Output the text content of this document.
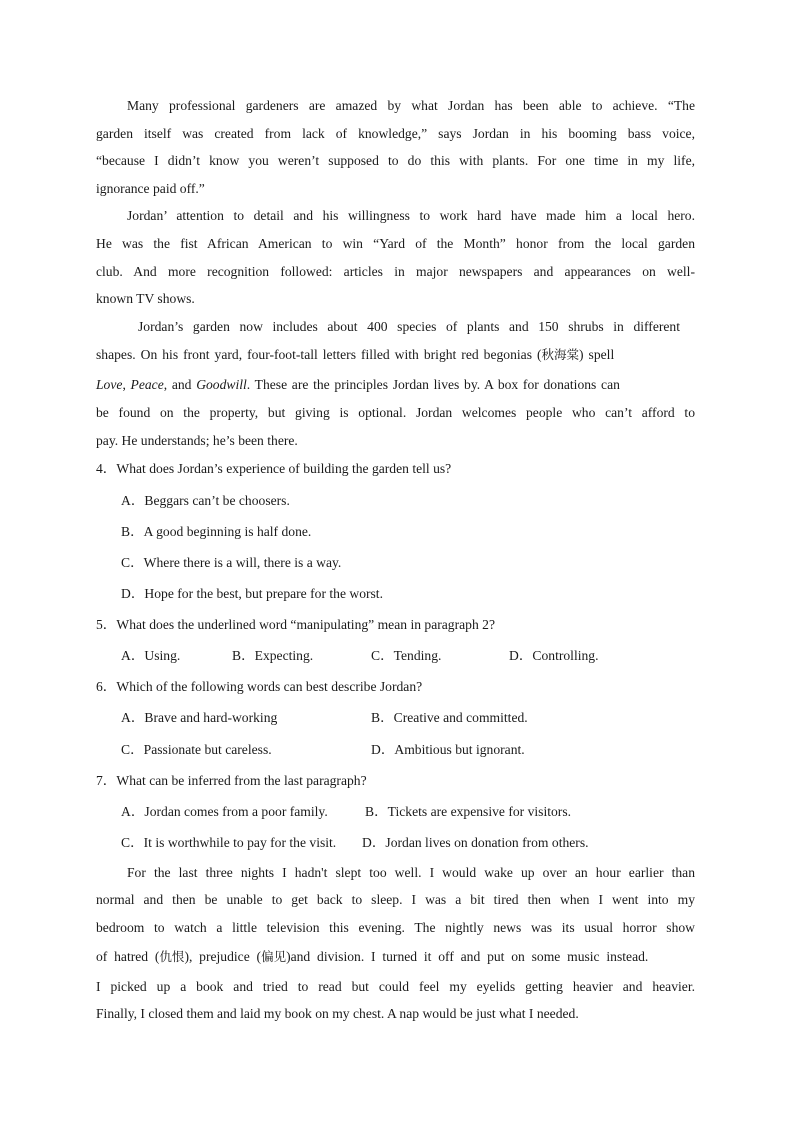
Many professional gardeners are amazed by what Jordan has been able to achieve. “The
garden itself was created from lack of knowledge,” says Jordan in his booming bass voice,
“because I didn’t know you weren’t supposed to do this with plants. For one time in my life,
ignorance paid off.”
Jordan’ attention to detail and his willingness to work hard have made him a local hero.
He was the fist African American to win “Yard of the Month” honor from the local garden
club. And more recognition followed: articles in major newspapers and appearances on well-
known TV shows.
Jordan’s garden now includes about 400 species of plants and 150 shrubs in different
shapes. On his front yard, four-foot-tall letters filled with bright red begonias (秋海棠) spell
Love, Peace, and Goodwill. These are the principles Jordan lives by. A box for donations can
be found on the property, but giving is optional. Jordan welcomes people who can’t afford to
pay. He understands; he’s been there.
4．What does Jordan’s experience of building the garden tell us?
A．Beggars can’t be choosers.
B．A good beginning is half done.
C．Where there is a will, there is a way.
D．Hope for the best, but prepare for the worst.
5．What does the underlined word “manipulating” mean in paragraph 2?
A．Using.	B．Expecting.	C．Tending.	D．Controlling.
6．Which of the following words can best describe Jordan?
A．Brave and hard-working	B．Creative and committed.
C．Passionate but careless.	D．Ambitious but ignorant.
7．What can be inferred from the last paragraph?
A．Jordan comes from a poor family.	B．Tickets are expensive for visitors.
C．It is worthwhile to pay for the visit. D．Jordan lives on donation from others.
For the last three nights I hadn't slept too well. I would wake up over an hour earlier than
normal and then be unable to get back to sleep. I was a bit tired then when I went into my
bedroom to watch a little television this evening. The nightly news was its usual horror show
of hatred (仇恨), prejudice (偏见)and division. I turned it off and put on some music instead.
I picked up a book and tried to read but could feel my eyelids getting heavier and heavier.
Finally, I closed them and laid my book on my chest. A nap would be just what I needed.
